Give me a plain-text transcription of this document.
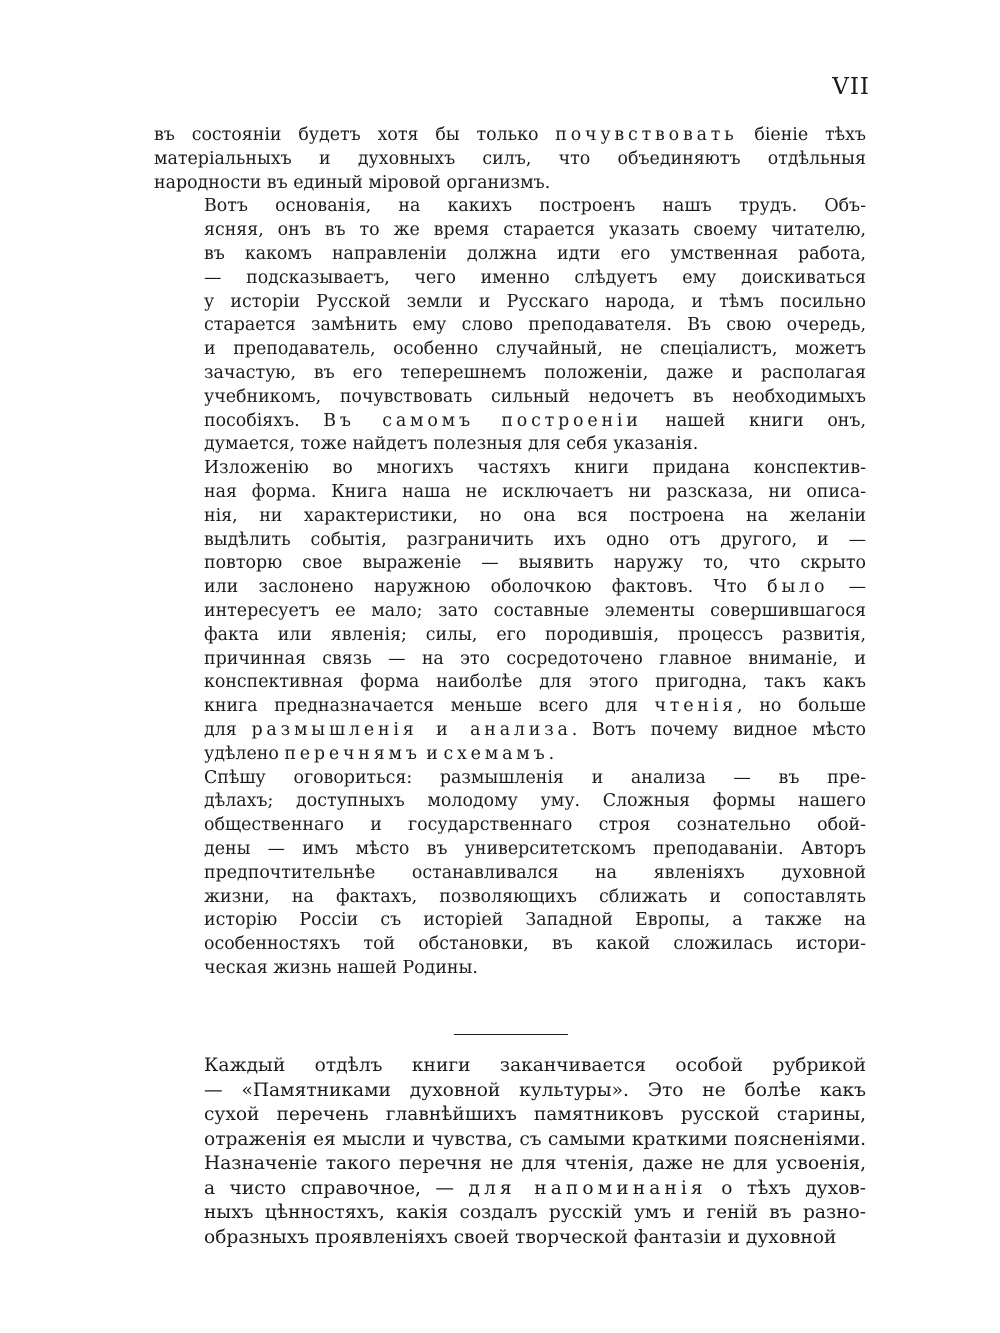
VII

въ состоянiи будетъ хотя бы только почувствовать бiенiе тѣхъ
матерiальныхъ и духовныхъ силъ, что объединяютъ отдѣльныя
народности въ единый мiровой организмъ.

Вотъ основанiя, на какихъ построенъ нашъ трудъ. Объ-
ясняя, онъ въ то же время старается указать своему читателю,
въ какомъ направленiи должна идти его умственная работа,
— подсказываетъ, чего именно слѣдуетъ ему доискиваться
у исторiи Русской земли и Русскаго народа, и тѣмъ посильно
старается замѣнить ему слово преподавателя. Въ свою очередь,
и преподаватель, особенно случайный, не спецiалистъ, можетъ
зачастую, въ его теперешнемъ положенiи, даже и располагая
учебникомъ, почувствовать сильный недочетъ въ необходимыхъ
пособiяхъ. Въ самомъ построенiи нашей книги онъ,
думается, тоже найдетъ полезныя для себя указанiя.

Изложенiю во многихъ частяхъ книги придана конспектив-
ная форма. Книга наша не исключаетъ ни разсказа, ни описа-
нiя, ни характеристики, но она вся построена на желанiи
выдѣлить событiя, разграничить ихъ одно отъ другого, и —
повторю свое выраженiе — выявить наружу то, что скрыто
или заслонено наружною оболочкою фактовъ. Что было —
интересуетъ ее мало; зато составные элементы совершившагося
факта или явленiя; силы, его породившiя, процессъ развитiя,
причинная связь — на это сосредоточено главное вниманiе, и
конспективная форма наиболѣе для этого пригодна, такъ какъ
книга предназначается меньше всего для чтенiя, но больше
для размышленiя и анализа. Вотъ почему видное мѣсто
удѣлено перечнямъ и схемамъ.

Спѣшу оговориться: размышленiя и анализа — въ пре-
дѣлахъ; доступныхъ молодому уму. Сложныя формы нашего
общественнаго и государственнаго строя сознательно обой-
дены — имъ мѣсто въ университетскомъ преподаванiи. Авторъ
предпочтительнѣе останавливался на явленiяхъ духовной
жизни, на фактахъ, позволяющихъ сближать и сопоставлять
исторiю Россiи съ исторiей Западной Европы, а также на
особенностяхъ той обстановки, въ какой сложилась истори-
ческая жизнь нашей Родины.

Каждый отдѣлъ книги заканчивается особой рубрикой
— «Памятниками духовной культуры». Это не болѣе какъ
сухой перечень главнѣйшихъ памятниковъ русской старины,
отраженiя ея мысли и чувства, съ самыми краткими поясненiями.
Назначенiе такого перечня не для чтенiя, даже не для усвоенiя,
а чисто справочное, — для напоминанiя о тѣхъ духов-
ныхъ цѣнностяхъ, какiя создалъ русскiй умъ и генiй въ разно-
образныхъ проявленiяхъ своей творческой фантазiи и духовной
